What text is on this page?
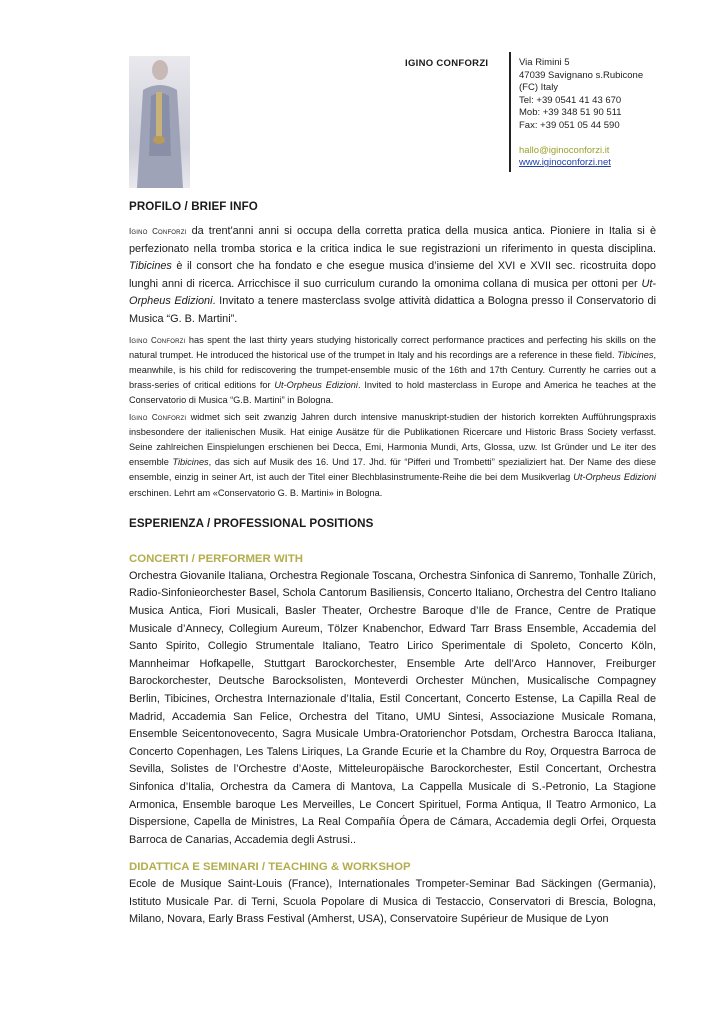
IGINO CONFORZI	Via Rimini 5
47039 Savignano s.Rubicone
(FC) Italy
Tel: +39 0541 41 43 670
Mob: +39 348 51 90 511
Fax: +39 051 05 44 590
hallo@iginoconforzi.it
www.iginoconforzi.net
PROFILO / BRIEF INFO

Igino Conforzi da trent'anni anni si occupa della corretta pratica della musica antica. Pioniere in Italia si è perfezionato nella tromba storica e la critica indica le sue registrazioni un riferimento in questa disciplina. Tibicines è il consort che ha fondato e che esegue musica d’insieme del XVI e XVII sec. ricostruita dopo lunghi anni di ricerca. Arricchisce il suo curriculum curando la omonima collana di musica per ottoni per Ut-Orpheus Edizioni. Invitato a tenere masterclass svolge attività didattica a Bologna presso il Conservatorio di Musica “G. B. Martini”.

Igino Conforzi has spent the last thirty years studying historically correct performance practices and perfecting his skills on the natural trumpet. He introduced the historical use of the trumpet in Italy and his recordings are a reference in these field. Tibicines, meanwhile, is his child for rediscovering the trumpet-ensemble music of the 16th and 17th Century. Currently he carries out a brass-series of critical editions for Ut-Orpheus Edizioni. Invited to hold masterclass in Europe and America he teaches at the Conservatorio di Musica “G.B. Martini” in Bologna.

Igino Conforzi widmet sich seit zwanzig Jahren durch intensive manuskript-studien der historich korrekten Aufführungspraxis insbesondere der italienischen Musik. Hat einige Ausätze für die Publikationen Ricercare und Historic Brass Society verfasst. Seine zahlreichen Einspielungen erschienen bei Decca, Emi, Harmonia Mundi, Arts, Glossa, uzw. Ist Gründer und Le iter des ensemble Tibicines, das sich auf Musik des 16. Und 17. Jhd. für “Pifferi und Trombetti” spezializiert hat. Der Name des diese ensemble, einzig in seiner Art, ist auch der Titel einer Blechblasinstrumente-Reihe die bei dem Musikverlag Ut-Orpheus Edizioni erschinen. Lehrt am «Conservatorio G. B. Martini» in Bologna.

ESPERIENZA / PROFESSIONAL POSITIONS
CONCERTI / PERFORMER WITH

Orchestra Giovanile Italiana, Orchestra Regionale Toscana, Orchestra Sinfonica di Sanremo, Tonhalle Zürich, Radio-Sinfonieorchester Basel, Schola Cantorum Basiliensis, Concerto Italiano, Orchestra del Centro Italiano Musica Antica, Fiori Musicali, Basler Theater, Orchestre Baroque d’Ile de France, Centre de Pratique Musicale d’Annecy, Collegium Aureum, Tölzer Knabenchor, Edward Tarr Brass Ensemble, Accademia del Santo Spirito, Collegio Strumentale Italiano, Teatro Lirico Sperimentale di Spoleto, Concerto Köln, Mannheimar Hofkapelle, Stuttgart Barockorchester, Ensemble Arte dell’Arco Hannover, Freiburger Barockorchester, Deutsche Barocksolisten, Monteverdi Orchester München, Musicalische Compagney Berlin, Tibicines, Orchestra Internazionale d’Italia, Estil Concertant, Concerto Estense, La Capilla Real de Madrid, Accademia San Felice, Orchestra del Titano, UMU Sintesi, Associazione Musicale Romana, Ensemble Seicentonovecento, Sagra Musicale Umbra-Oratorienchor Potsdam, Orchestra Barocca Italiana, Concerto Copenhagen, Les Talens Liriques, La Grande Ecurie et la Chambre du Roy, Orquestra Barroca de Sevilla, Solistes de l’Orchestre d’Aoste, Mitteleuropäische Barockorchester, Estil Concertant, Orchestra Sinfonica d’Italia, Orchestra da Camera di Mantova, La Cappella Musicale di S.-Petronio, La Stagione Armonica, Ensemble baroque Les Merveilles, Le Concert Spirituel, Forma Antiqua, Il Teatro Armonico, La Dispersione, Capella de Ministres, La Real Compañía Ópera de Cámara, Accademia degli Orfei, Orquesta Barroca de Canarias, Accademia degli Astrusi..

DIDATTICA E SEMINARI / TEACHING & WORKSHOP

Ecole de Musique Saint-Louis (France), Internationales Trompeter-Seminar Bad Säckingen (Germania), Istituto Musicale Par. di Terni, Scuola Popolare di Musica di Testaccio, Conservatori di Brescia, Bologna, Milano, Novara, Early Brass Festival (Amherst, USA), Conservatoire Supérieur de Musique de Lyon
